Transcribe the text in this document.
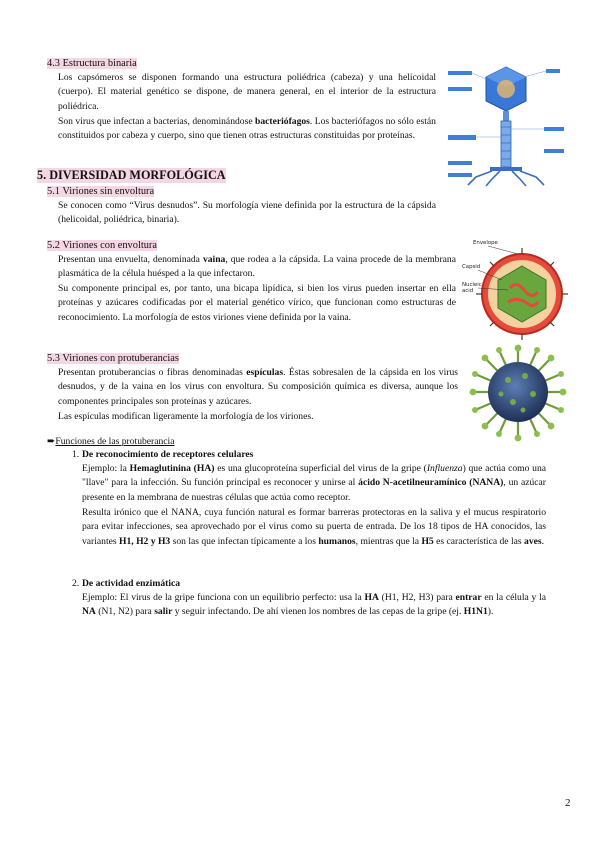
4.3 Estructura binaria
Los capsómeros se disponen formando una estructura poliédrica (cabeza) y una helicoidal (cuerpo). El material genético se dispone, de manera general, en el interior de la estructura poliédrica.
Son virus que infectan a bacterias, denominándose bacteriófagos. Los bacteriófagos no sólo están constituidos por cabeza y cuerpo, sino que tienen otras estructuras constituidas por proteínas.
5. DIVERSIDAD MORFOLÓGICA
5.1 Viriones sin envoltura
Se conocen como “Virus desnudos”. Su morfología viene definida por la estructura de la cápsida (helicoidal, poliédrica, binaria).
5.2 Viriones con envoltura
Presentan una envuelta, denominada vaina, que rodea a la cápsida. La vaina procede de la membrana plasmática de la célula huésped a la que infectaron.
Su componente principal es, por tanto, una bicapa lipídica, si bien los virus pueden insertar en ella proteínas y azúcares codificadas por el material genético vírico, que funcionan como estructuras de reconocimiento. La morfología de estos viriones viene definida por la vaina.
Envelope
Capsid
Nucleic acid
5.3 Viriones con protuberancias
Presentan protuberancias o fibras denominadas espículas. Éstas sobresalen de la cápsida en los virus desnudos, y de la vaina en los virus con envoltura. Su composición química es diversa, aunque los componentes principales son proteínas y azúcares.
Las espículas modifican ligeramente la morfología de los viriones.
➨Funciones de las protuberancia
1. De reconocimiento de receptores celulares
Ejemplo: la Hemaglutinina (HA) es una glucoproteína superficial del virus de la gripe (Influenza) que actúa como una "llave" para la infección. Su función principal es reconocer y unirse al ácido N-acetilneuramínico (NANA), un azúcar presente en la membrana de nuestras células que actúa como receptor.
Resulta irónico que el NANA, cuya función natural es formar barreras protectoras en la saliva y el mucus respiratorio para evitar infecciones, sea aprovechado por el virus como su puerta de entrada. De los 18 tipos de HA conocidos, las variantes H1, H2 y H3 son las que infectan típicamente a los humanos, mientras que la H5 es característica de las aves.
2. De actividad enzimática
Ejemplo: El virus de la gripe funciona con un equilibrio perfecto: usa la HA (H1, H2, H3) para entrar en la célula y la NA (N1, N2) para salir y seguir infectando. De ahí vienen los nombres de las cepas de la gripe (ej. H1N1).
2
